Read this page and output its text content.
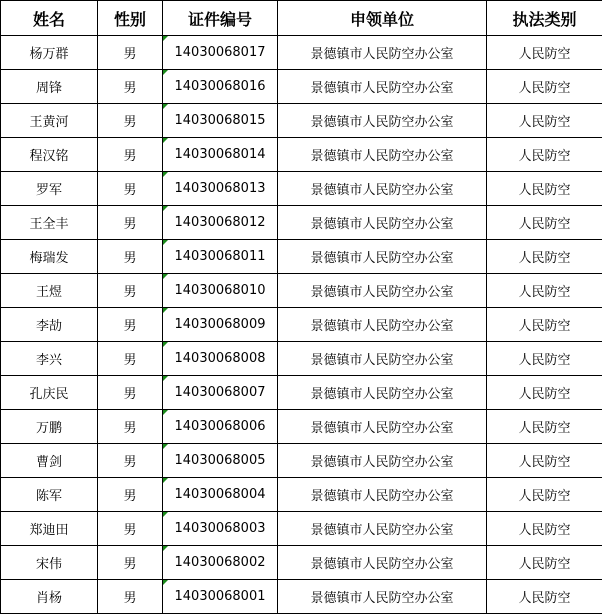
姓名	性别	证件编号	申领单位	执法类别
杨万群	男	14030068017	景德镇市人民防空办公室	人民防空
周锋	男	14030068016	景德镇市人民防空办公室	人民防空
王黄河	男	14030068015	景德镇市人民防空办公室	人民防空
程汉铭	男	14030068014	景德镇市人民防空办公室	人民防空
罗军	男	14030068013	景德镇市人民防空办公室	人民防空
王全丰	男	14030068012	景德镇市人民防空办公室	人民防空
梅瑞发	男	14030068011	景德镇市人民防空办公室	人民防空
王煜	男	14030068010	景德镇市人民防空办公室	人民防空
李劼	男	14030068009	景德镇市人民防空办公室	人民防空
李兴	男	14030068008	景德镇市人民防空办公室	人民防空
孔庆民	男	14030068007	景德镇市人民防空办公室	人民防空
万鹏	男	14030068006	景德镇市人民防空办公室	人民防空
曹剑	男	14030068005	景德镇市人民防空办公室	人民防空
陈军	男	14030068004	景德镇市人民防空办公室	人民防空
郑迪田	男	14030068003	景德镇市人民防空办公室	人民防空
宋伟	男	14030068002	景德镇市人民防空办公室	人民防空
肖杨	男	14030068001	景德镇市人民防空办公室	人民防空
